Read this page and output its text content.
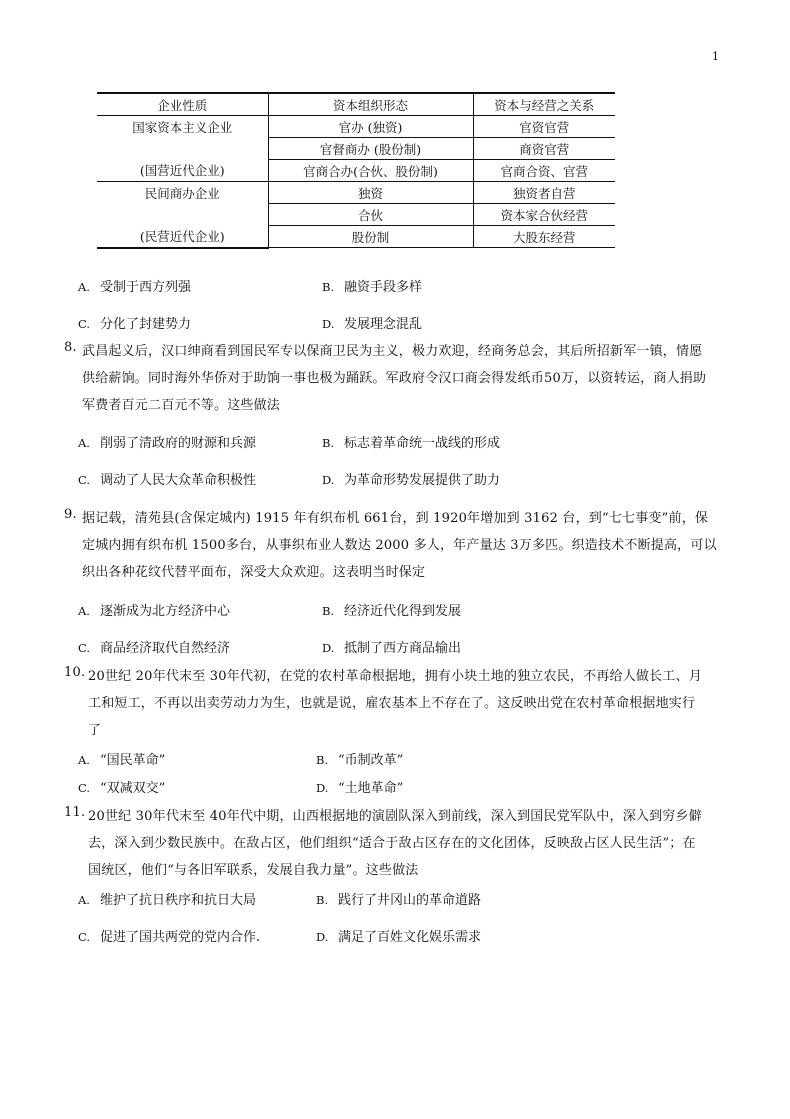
1
企业性质	资本组织形态	资本与经营之关系
国家资本主义企业	官办 (独资)	官资官营
	官督商办 (股份制)	商资官营
(国营近代企业)	官商合办(合伙、股份制)	官商合资、官营
民间商办企业	独资	独资者自营
	合伙	资本家合伙经营
(民营近代企业)	股份制	大股东经营
A. 受制于西方列强	B. 融资手段多样
C. 分化了封建势力	D. 发展理念混乱
8. 武昌起义后，汉口绅商看到国民军专以保商卫民为主义，极力欢迎，经商务总会，其后所招新军一镇，情愿
供给薪饷。同时海外华侨对于助饷一事也极为踊跃。军政府令汉口商会得发纸币50万，以资转运，商人捐助
军费者百元二百元不等。这些做法
A. 削弱了清政府的财源和兵源	B. 标志着革命统一战线的形成
C. 调动了人民大众革命积极性	D. 为革命形势发展提供了助力
9. 据记载，清苑县(含保定城内) 1915 年有织布机 661台，到 1920年增加到 3162 台，到“七七事变”前，保
定城内拥有织布机 1500多台，从事织布业人数达 2000 多人，年产量达 3万多匹。织造技术不断提高，可以
织出各种花纹代替平面布，深受大众欢迎。这表明当时保定
A. 逐渐成为北方经济中心	B. 经济近代化得到发展
C. 商品经济取代自然经济	D. 抵制了西方商品输出
10. 20世纪 20年代末至 30年代初，在党的农村革命根据地，拥有小块土地的独立农民，不再给人做长工、月
工和短工，不再以出卖劳动力为生，也就是说，雇农基本上不存在了。这反映出党在农村革命根据地实行
了
A. “国民革命”	B. “币制改革”
C. “双减双交”	D. “土地革命”
11. 20世纪 30年代末至 40年代中期，山西根据地的演剧队深入到前线，深入到国民党军队中，深入到穷乡僻
去，深入到少数民族中。在敌占区，他们组织“适合于敌占区存在的文化团体，反映敌占区人民生活”；在
国统区，他们“与各旧军联系，发展自我力量”。这些做法
A. 维护了抗日秩序和抗日大局	B. 践行了井冈山的革命道路
C. 促进了国共两党的党内合作.	D. 满足了百姓文化娱乐需求
